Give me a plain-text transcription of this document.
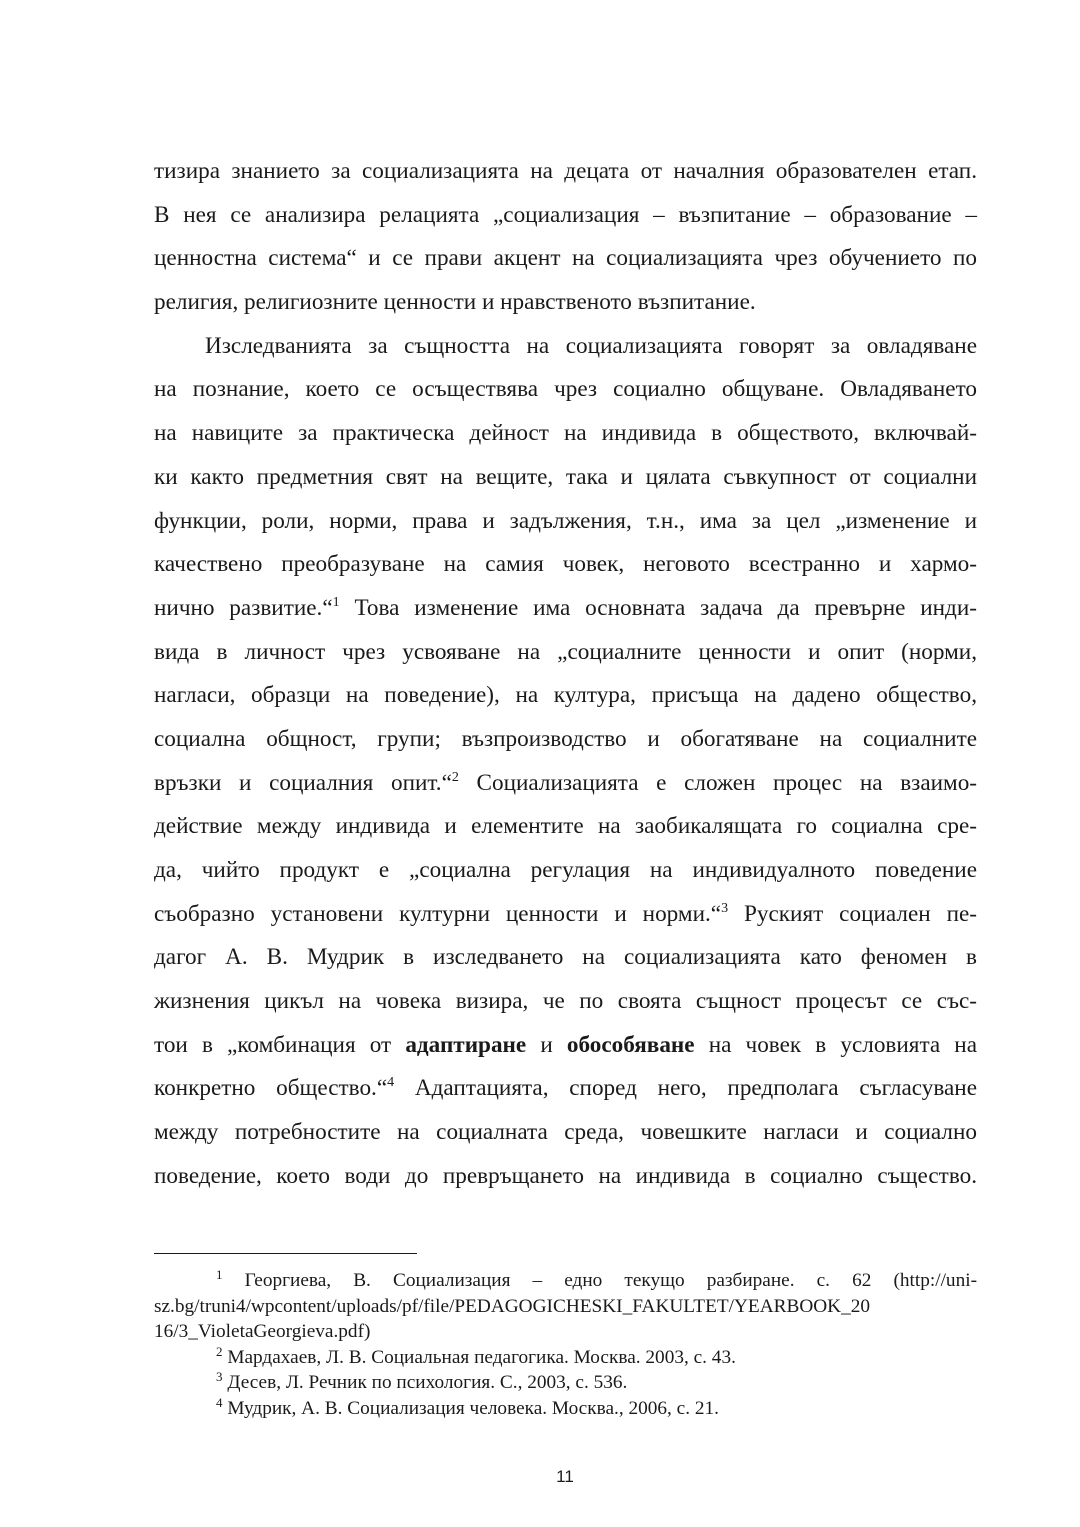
тизира знанието за социализацията на децата от началния образователен етап.
В нея се анализира релацията „социализация – възпитание – образование –
ценностна система“ и се прави акцент на социализацията чрез обучението по
религия, религиозните ценности и нравственото възпитание.
Изследванията за същността на социализацията говорят за овладяване
на познание, което се осъществява чрез социално общуване. Овладяването
на навиците за практическа дейност на индивида в обществото, включвай-
ки както предметния свят на вещите, така и цялата съвкупност от социални
функции, роли, норми, права и задължения, т.н., има за цел „изменение и
качествено преобразуване на самия човек, неговото всестранно и хармо-
нично развитие.“$^1$ Това изменение има основната задача да превърне инди-
вида в личност чрез усвояване на „социалните ценности и опит (норми,
нагласи, образци на поведение), на култура, присъща на дадено общество,
социална общност, групи; възпроизводство и обогатяване на социалните
връзки и социалния опит.“$^2$ Социализацията е сложен процес на взаимо-
действие между индивида и елементите на заобикалящата го социална сре-
да, чийто продукт е „социална регулация на индивидуалното поведение
съобразно установени културни ценности и норми.“$^3$ Руският социален пе-
дагог А. В. Мудрик в изследването на социализацията като феномен в
жизнения цикъл на човека визира, че по своята същност процесът се със-
тои в „комбинация от адаптиране и обособяване на човек в условията на
конкретно общество.“$^4$ Адаптацията, според него, предполага съгласуване
между потребностите на социалната среда, човешките нагласи и социално
поведение, което води до превръщането на индивида в социално същество.
$^1$ Георгиева, В. Социализация – едно текущо разбиране. с. 62 (http://uni-
sz.bg/truni4/wpcontent/uploads/pf/file/PEDAGOGICHESKI_FAKULTET/YEARBOOK_20
16/3_VioletaGeorgieva.pdf)
$^2$ Мардахаев, Л. В. Социальная педагогика. Москва. 2003, с. 43.
$^3$ Десев, Л. Речник по психология. С., 2003, с. 536.
$^4$ Мудрик, А. В. Социализация человека. Москва., 2006, с. 21.
11
